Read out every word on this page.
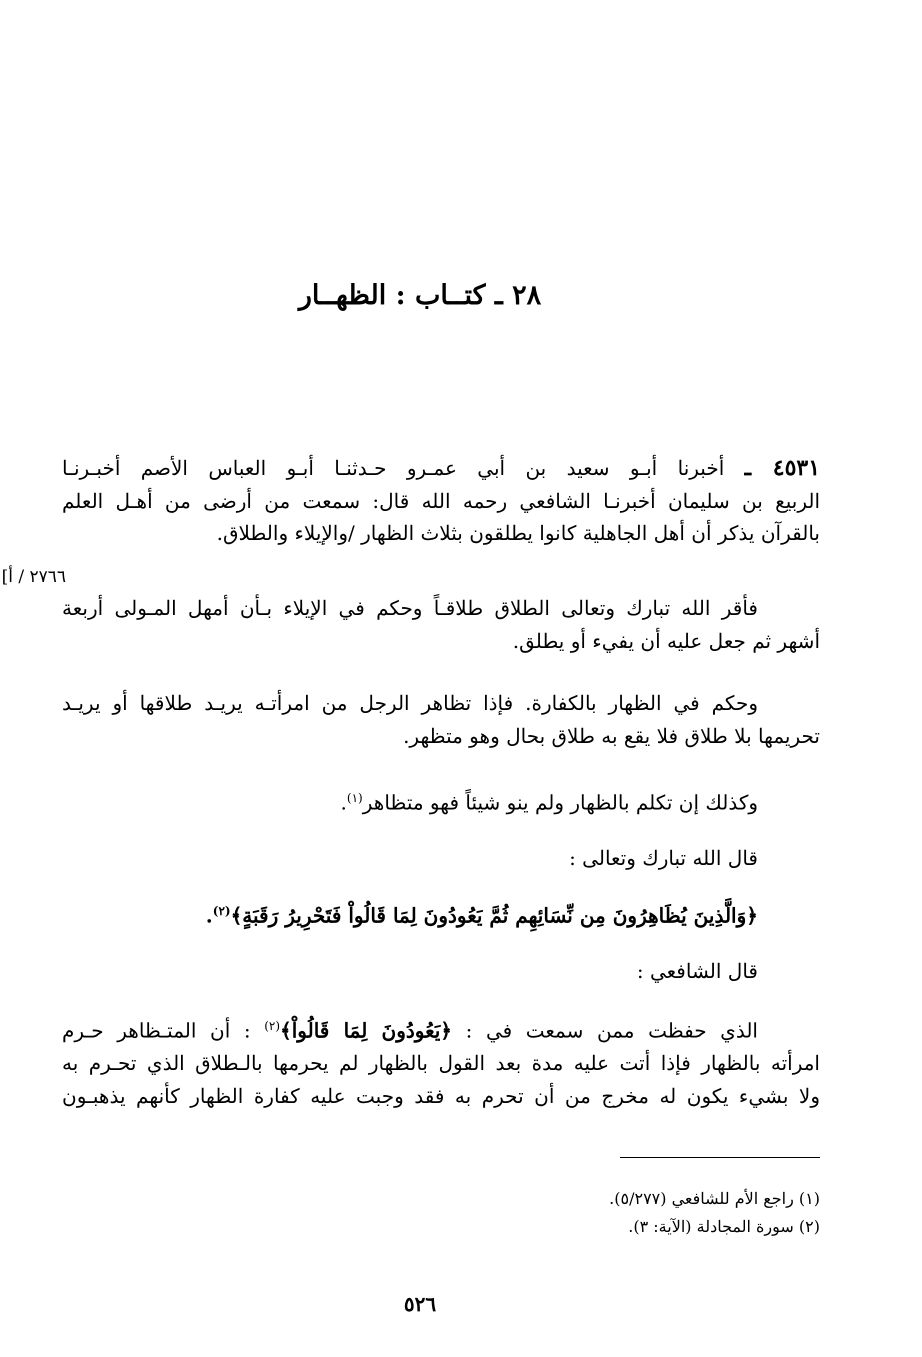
٢٨ ـ كتــاب : الظهــار
٢٧٦٦ / أ]
٤٥٣١ ـ أخبرنا أبـو سعيد بن أبي عمـرو حـدثنـا أبـو العباس الأصم أخبـرنـا
الربيع بن سليمان أخبرنـا الشافعي رحمه الله قال: سمعت من أرضى من أهـل العلم
بالقرآن يذكر أن أهل الجاهلية كانوا يطلقون بثلاث الظهار /والإيلاء والطلاق.
فأقر الله تبارك وتعالى الطلاق طلاقـاً وحكم في الإيلاء بـأن أمهل المـولى أربعة
أشهر ثم جعل عليه أن يفيء أو يطلق.
وحكم في الظهار بالكفارة. فإذا تظاهر الرجل من امرأتـه يريـد طلاقها أو يريـد
تحريمها بلا طلاق فلا يقع به طلاق بحال وهو متظهر.
وكذلك إن تكلم بالظهار ولم ينو شيئاً فهو متظاهر$^{(١)}$.
قال الله تبارك وتعالى :
﴿وَالَّذِينَ يُظَاهِرُونَ مِن نِّسَائِهِم ثُمَّ يَعُودُونَ لِمَا قَالُواْ فَتَحْرِيرُ رَقَبَةٍ﴾$^{(٢)}$.
قال الشافعي :
الذي حفظت ممن سمعت في : ﴿يَعُودُونَ لِمَا قَالُواْ﴾$^{(٢)}$ : أن المتـظاهر حـرم
امرأته بالظهار فإذا أتت عليه مدة بعد القول بالظهار لم يحرمها بالـطلاق الذي تحـرم به
ولا بشيء يكون له مخرج من أن تحرم به فقد وجبت عليه كفارة الظهار كأنهم يذهبـون
(١) راجع الأم للشافعي (٥/٢٧٧).
(٢) سورة المجادلة (الآية: ٣).
٥٢٦
